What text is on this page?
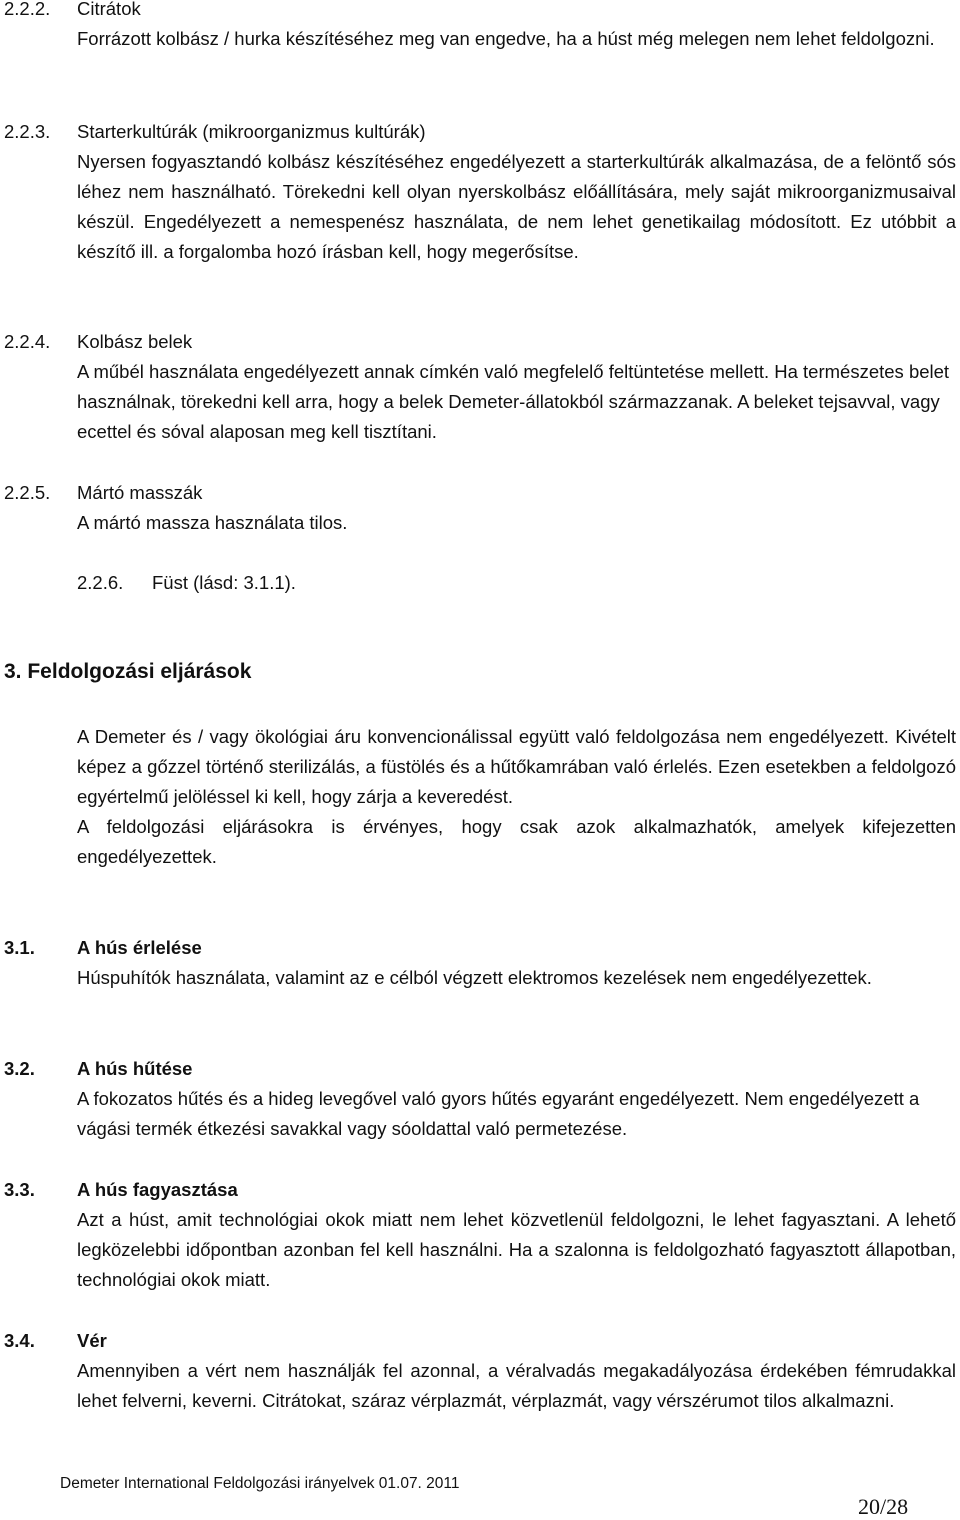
2.2.2. Citrátok

Forrázott kolbász / hurka készítéséhez meg van engedve, ha a húst még melegen nem lehet feldolgozni.

2.2.3. Starterkultúrák (mikroorganizmus kultúrák)

Nyersen fogyasztandó kolbász készítéséhez engedélyezett a starterkultúrák alkalmazása, de a felöntő sós léhez nem használható. Törekedni kell olyan nyerskolbász előállítására, mely saját mikroorganizmusaival készül. Engedélyezett a nemespenész használata, de nem lehet genetikailag módosított. Ez utóbbit a készítő ill. a forgalomba hozó írásban kell, hogy megerősítse.

2.2.4. Kolbász belek

A műbél használata engedélyezett annak címkén való megfelelő feltüntetése mellett. Ha természetes belet használnak, törekedni kell arra, hogy a belek Demeter-állatokból származzanak. A beleket tejsavval, vagy ecettel és sóval alaposan meg kell tisztítani.

2.2.5. Mártó masszák

A mártó massza használata tilos.

2.2.6. Füst (lásd: 3.1.1).
3. Feldolgozási eljárások

A Demeter és / vagy ökológiai áru konvencionálissal együtt való feldolgozása nem engedélyezett. Kivételt képez a gőzzel történő sterilizálás, a füstölés és a hűtőkamrában való érlelés. Ezen esetekben a feldolgozó egyértelmű jelöléssel ki kell, hogy zárja a keveredést.

A feldolgozási eljárásokra is érvényes, hogy csak azok alkalmazhatók, amelyek kifejezetten engedélyezettek.

3.1. A hús érlelése

Húspuhítók használata, valamint az e célból végzett elektromos kezelések nem engedélyezettek.

3.2. A hús hűtése

A fokozatos hűtés és a hideg levegővel való gyors hűtés egyaránt engedélyezett. Nem engedélyezett a vágási termék étkezési savakkal vagy sóoldattal való permetezése.

3.3. A hús fagyasztása

Azt a húst, amit technológiai okok miatt nem lehet közvetlenül feldolgozni, le lehet fagyasztani. A lehető legközelebbi időpontban azonban fel kell használni. Ha a szalonna is feldolgozható fagyasztott állapotban, technológiai okok miatt.

3.4. Vér

Amennyiben a vért nem használják fel azonnal, a véralvadás megakadályozása érdekében fémrudakkal lehet felverni, keverni. Citrátokat, száraz vérplazmát, vérplazmát, vagy vérszérumot tilos alkalmazni.

Demeter International Feldolgozási irányelvek 01.07. 2011
20/28
